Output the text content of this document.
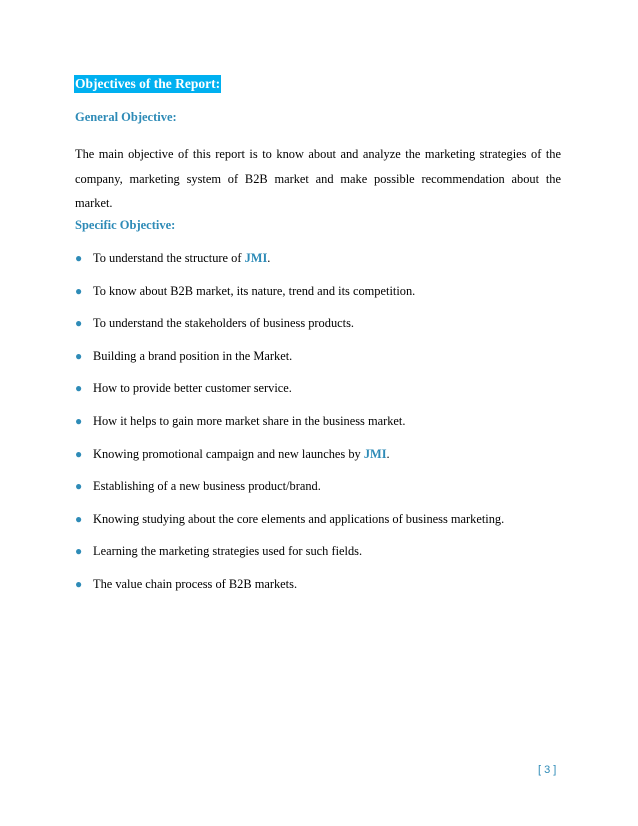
Objectives of the Report:
General Objective:

The main objective of this report is to know about and analyze the marketing strategies of the
company, marketing system of B2B market and make possible recommendation about the
market.

Specific Objective:
● To understand the structure of JMI.
● To know about B2B market, its nature, trend and its competition.
● To understand the stakeholders of business products.
● Building a brand position in the Market.
● How to provide better customer service.
● How it helps to gain more market share in the business market.
● Knowing promotional campaign and new launches by JMI.
● Establishing of a new business product/brand.
● Knowing studying about the core elements and applications of business marketing.
● Learning the marketing strategies used for such fields.
● The value chain process of B2B markets.
[ 3 ]
